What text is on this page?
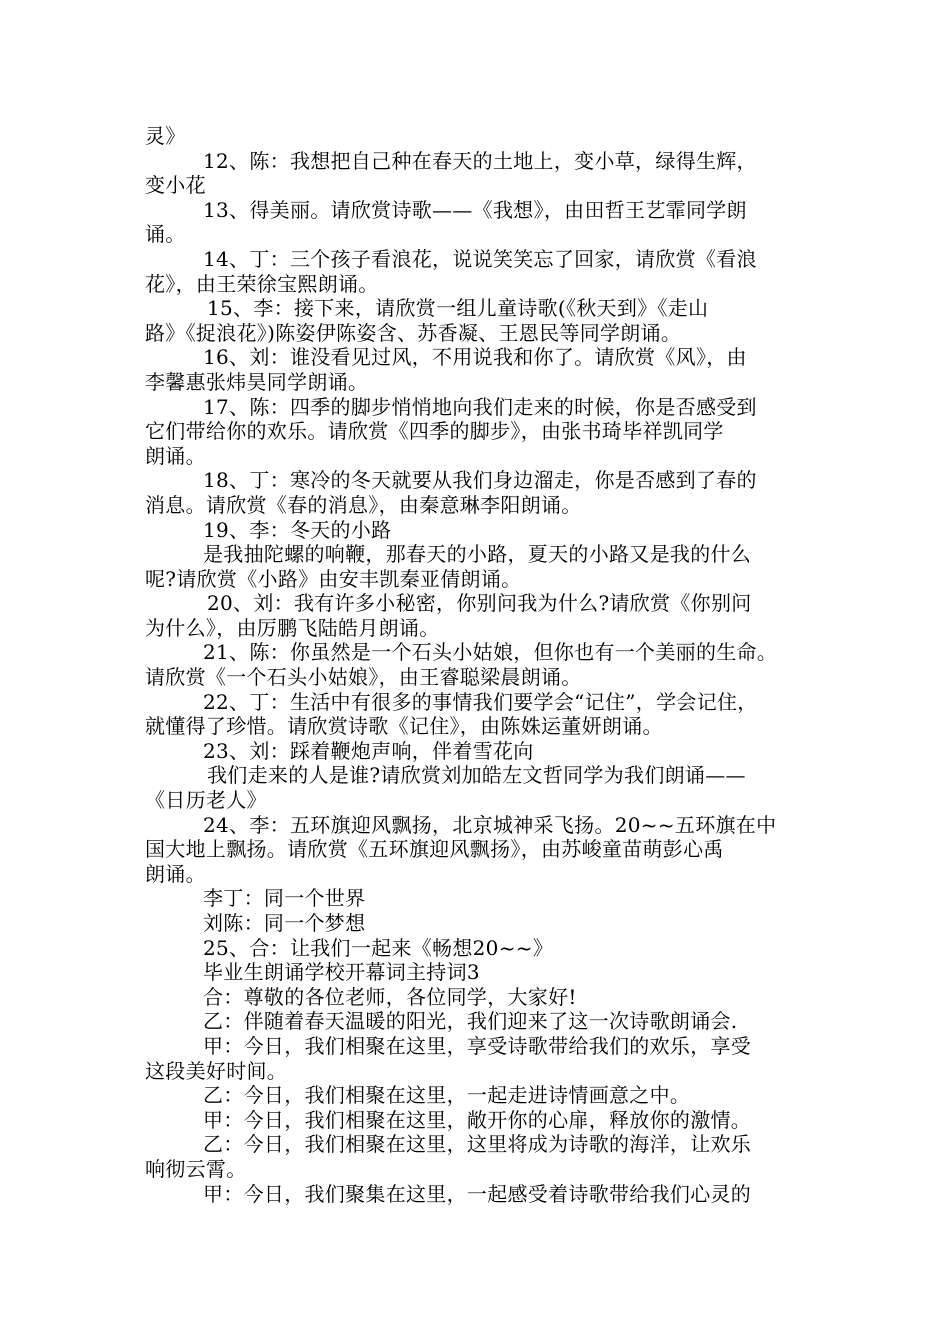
灵》
12、陈：我想把自己种在春天的土地上，变小草，绿得生辉，
变小花
13、得美丽。请欣赏诗歌——《我想》，由田哲王艺霏同学朗
诵。
14、丁：三个孩子看浪花，说说笑笑忘了回家，请欣赏《看浪
花》，由王荣徐宝熙朗诵。
15、李：接下来，请欣赏一组儿童诗歌(《秋天到》《走山
路》《捉浪花》)陈姿伊陈姿含、苏香凝、王恩民等同学朗诵。
16、刘：谁没看见过风，不用说我和你了。请欣赏《风》，由
李馨惠张炜昊同学朗诵。
17、陈：四季的脚步悄悄地向我们走来的时候，你是否感受到
它们带给你的欢乐。请欣赏《四季的脚步》，由张书琦毕祥凯同学
朗诵。
18、丁：寒冷的冬天就要从我们身边溜走，你是否感到了春的
消息。请欣赏《春的消息》，由秦意琳李阳朗诵。
19、李：冬天的小路
是我抽陀螺的响鞭，那春天的小路，夏天的小路又是我的什么
呢?请欣赏《小路》由安丰凯秦亚倩朗诵。
20、刘：我有许多小秘密，你别问我为什么?请欣赏《你别问
为什么》，由厉鹏飞陆皓月朗诵。
21、陈：你虽然是一个石头小姑娘，但你也有一个美丽的生命。
请欣赏《一个石头小姑娘》，由王睿聪梁晨朗诵。
22、丁：生活中有很多的事情我们要学会“记住”，学会记住，
就懂得了珍惜。请欣赏诗歌《记住》，由陈姝运董妍朗诵。
23、刘：踩着鞭炮声响，伴着雪花向
我们走来的人是谁?请欣赏刘加皓左文哲同学为我们朗诵——
《日历老人》
24、李：五环旗迎风飘扬，北京城神采飞扬。20~~五环旗在中
国大地上飘扬。请欣赏《五环旗迎风飘扬》，由苏峻童苗萌彭心禹
朗诵。
李丁：同一个世界
刘陈：同一个梦想
25、合：让我们一起来《畅想20~~》
毕业生朗诵学校开幕词主持词3
合：尊敬的各位老师，各位同学，大家好!
乙：伴随着春天温暖的阳光，我们迎来了这一次诗歌朗诵会.
甲：今日，我们相聚在这里，享受诗歌带给我们的欢乐，享受
这段美好时间。
乙：今日，我们相聚在这里，一起走进诗情画意之中。
甲：今日，我们相聚在这里，敞开你的心扉，释放你的激情。
乙：今日，我们相聚在这里，这里将成为诗歌的海洋，让欢乐
响彻云霄。
甲：今日，我们聚集在这里，一起感受着诗歌带给我们心灵的
